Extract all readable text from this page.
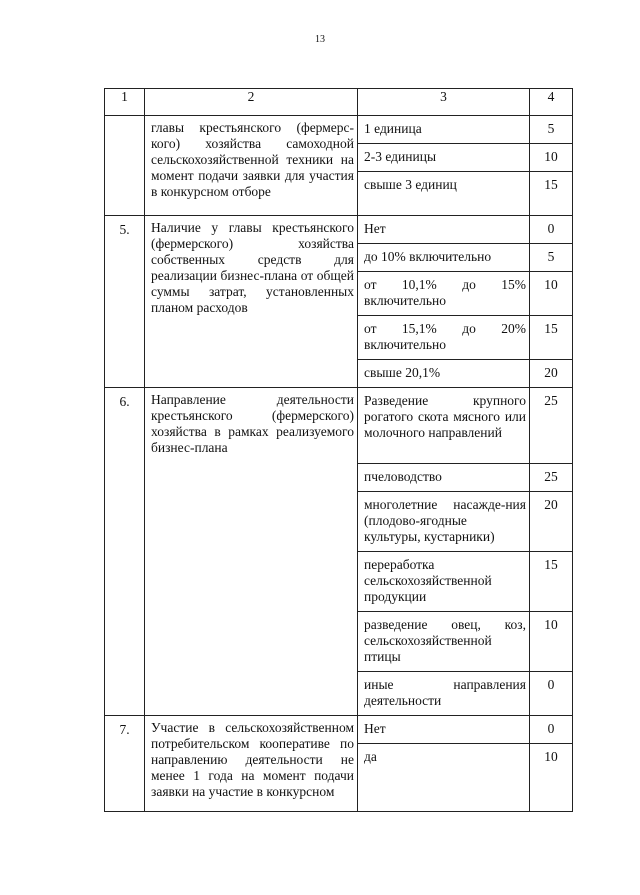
13
1	2	3	4
	главы крестьянского (фермерс-кого) хозяйства самоходной сельскохозяйственной техники на момент подачи заявки для участия в конкурсном отборе	1 единица	5
		2-3 единицы	10
		свыше 3 единиц	15
5.	Наличие у главы крестьянского (фермерского) хозяйства собственных средств для реализации бизнес-плана от общей суммы затрат, установленных планом расходов	Нет	0
		до 10% включительно	5
		от 10,1% до 15% включительно	10
		от 15,1% до 20% включительно	15
		свыше 20,1%	20
6.	Направление деятельности крестьянского (фермерского) хозяйства в рамках реализуемого бизнес-плана	Разведение крупного рогатого скота мясного или молочного направлений	25
		пчеловодство	25
		многолетние насажде-ния (плодово-ягодные культуры, кустарники)	20
		переработка сельскохозяйственной продукции	15
		разведение овец, коз, сельскохозяйственной птицы	10
		иные направления деятельности	0
7.	Участие в сельскохозяйственном потребительском кооперативе по направлению деятельности не менее 1 года на момент подачи заявки на участие в конкурсном	Нет	0
		да	10
